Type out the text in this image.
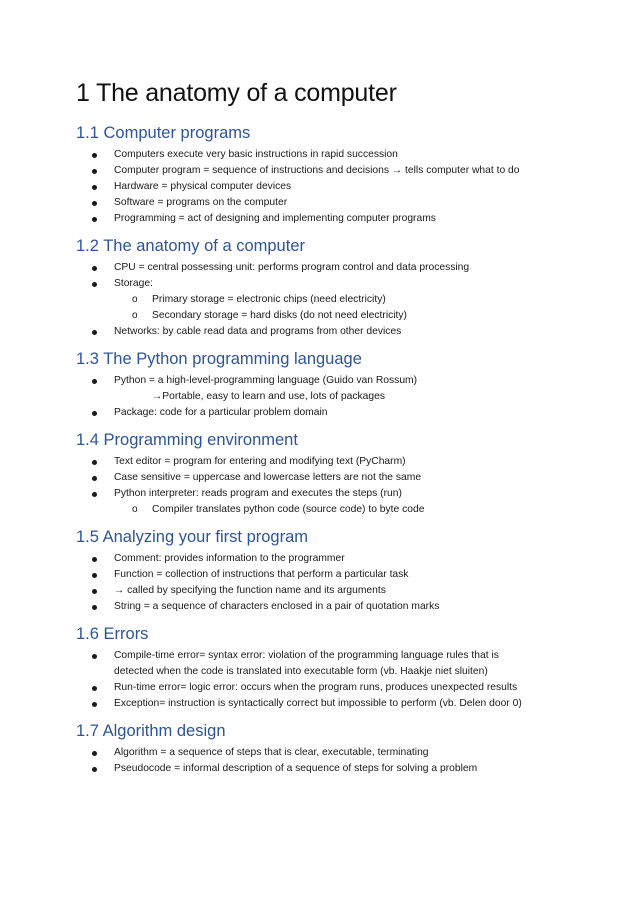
1 The anatomy of a computer
1.1 Computer programs
Computers execute very basic instructions in rapid succession
Computer program = sequence of instructions and decisions → tells computer what to do
Hardware = physical computer devices
Software = programs on the computer
Programming = act of designing and implementing computer programs
1.2 The anatomy of a computer
CPU = central possessing unit: performs program control and data processing
Storage:
o Primary storage = electronic chips (need electricity)
o Secondary storage = hard disks (do not need electricity)
Networks: by cable read data and programs from other devices
1.3 The Python programming language
Python = a high-level-programming language (Guido van Rossum)
→Portable, easy to learn and use, lots of packages
Package: code for a particular problem domain
1.4 Programming environment
Text editor = program for entering and modifying text (PyCharm)
Case sensitive = uppercase and lowercase letters are not the same
Python interpreter: reads program and executes the steps (run)
o Compiler translates python code (source code) to byte code
1.5 Analyzing your first program
Comment: provides information to the programmer
Function = collection of instructions that perform a particular task
→ called by specifying the function name and its arguments
String = a sequence of characters enclosed in a pair of quotation marks
1.6 Errors
Compile-time error= syntax error: violation of the programming language rules that is detected when the code is translated into executable form (vb. Haakje niet sluiten)
Run-time error= logic error: occurs when the program runs, produces unexpected results
Exception= instruction is syntactically correct but impossible to perform (vb. Delen door 0)
1.7 Algorithm design
Algorithm = a sequence of steps that is clear, executable, terminating
Pseudocode = informal description of a sequence of steps for solving a problem
